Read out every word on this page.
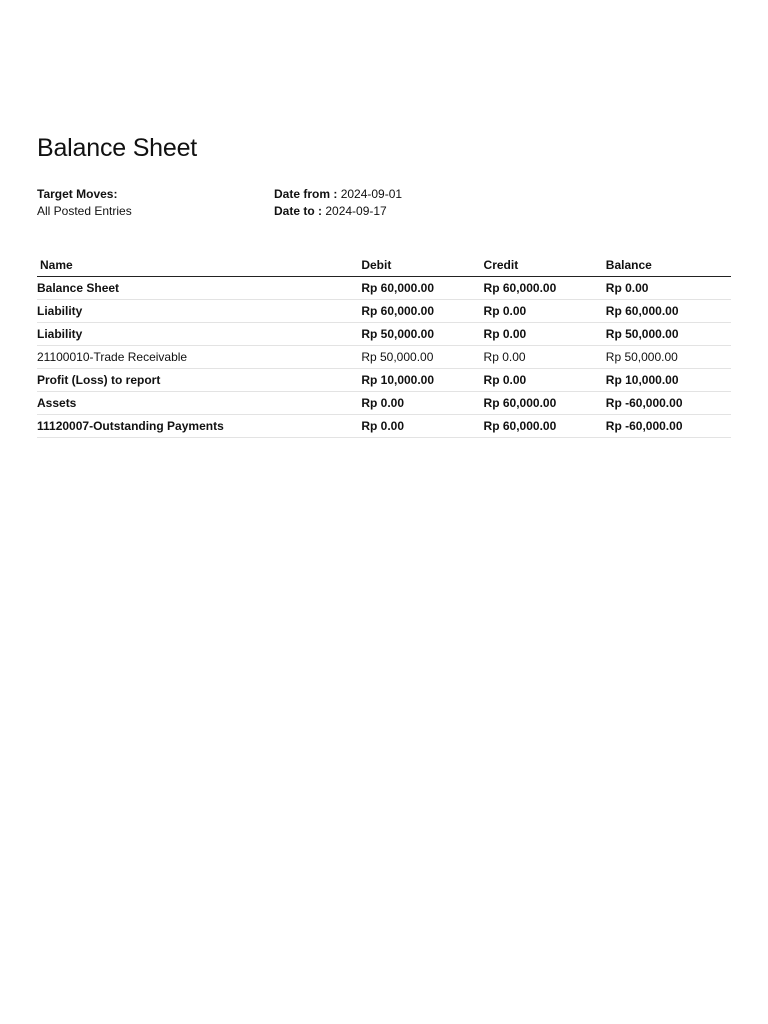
Balance Sheet
Target Moves:
All Posted Entries
Date from : 2024-09-01
Date to : 2024-09-17
Name	Debit	Credit	Balance
Balance Sheet	Rp 60,000.00	Rp 60,000.00	Rp 0.00
Liability	Rp 60,000.00	Rp 0.00	Rp 60,000.00
Liability	Rp 50,000.00	Rp 0.00	Rp 50,000.00
21100010-Trade Receivable	Rp 50,000.00	Rp 0.00	Rp 50,000.00
Profit (Loss) to report	Rp 10,000.00	Rp 0.00	Rp 10,000.00
Assets	Rp 0.00	Rp 60,000.00	Rp -60,000.00
11120007-Outstanding Payments	Rp 0.00	Rp 60,000.00	Rp -60,000.00
